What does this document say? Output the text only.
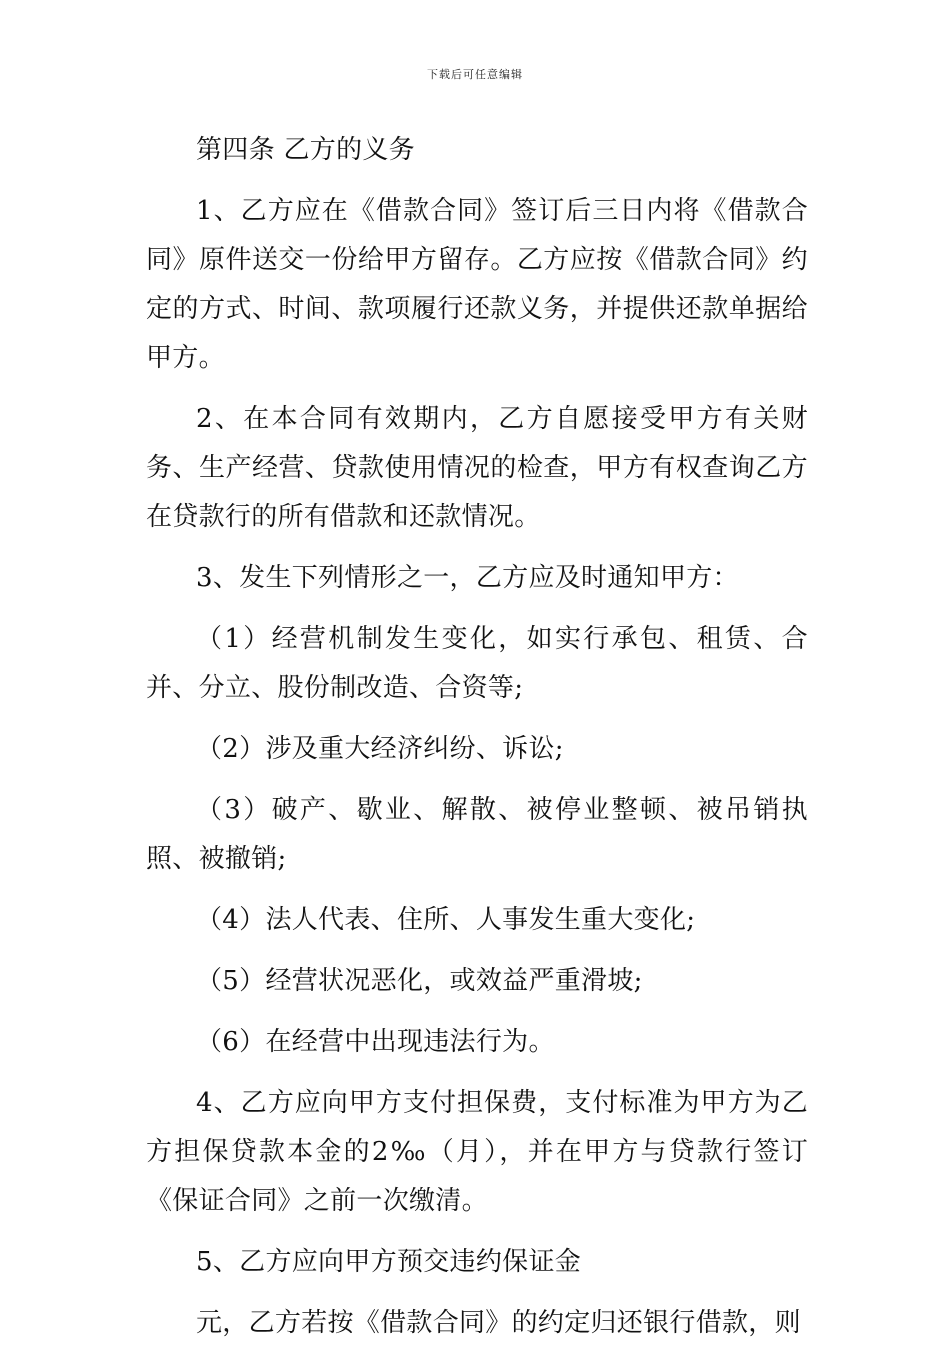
下载后可任意编辑

第四条 乙方的义务

1、乙方应在《借款合同》签订后三日内将《借款合同》原件送交一份给甲方留存。乙方应按《借款合同》约定的方式、时间、款项履行还款义务，并提供还款单据给甲方。

2、在本合同有效期内，乙方自愿接受甲方有关财务、生产经营、贷款使用情况的检查，甲方有权查询乙方在贷款行的所有借款和还款情况。

3、发生下列情形之一，乙方应及时通知甲方：

（1）经营机制发生变化，如实行承包、租赁、合并、分立、股份制改造、合资等;

（2）涉及重大经济纠纷、诉讼;

（3）破产、歇业、解散、被停业整顿、被吊销执照、被撤销;

（4）法人代表、住所、人事发生重大变化;

（5）经营状况恶化，或效益严重滑坡;

（6）在经营中出现违法行为。

4、乙方应向甲方支付担保费，支付标准为甲方为乙方担保贷款本金的2‰（月），并在甲方与贷款行签订《保证合同》之前一次缴清。

5、乙方应向甲方预交违约保证金

元，乙方若按《借款合同》的约定归还银行借款，则
